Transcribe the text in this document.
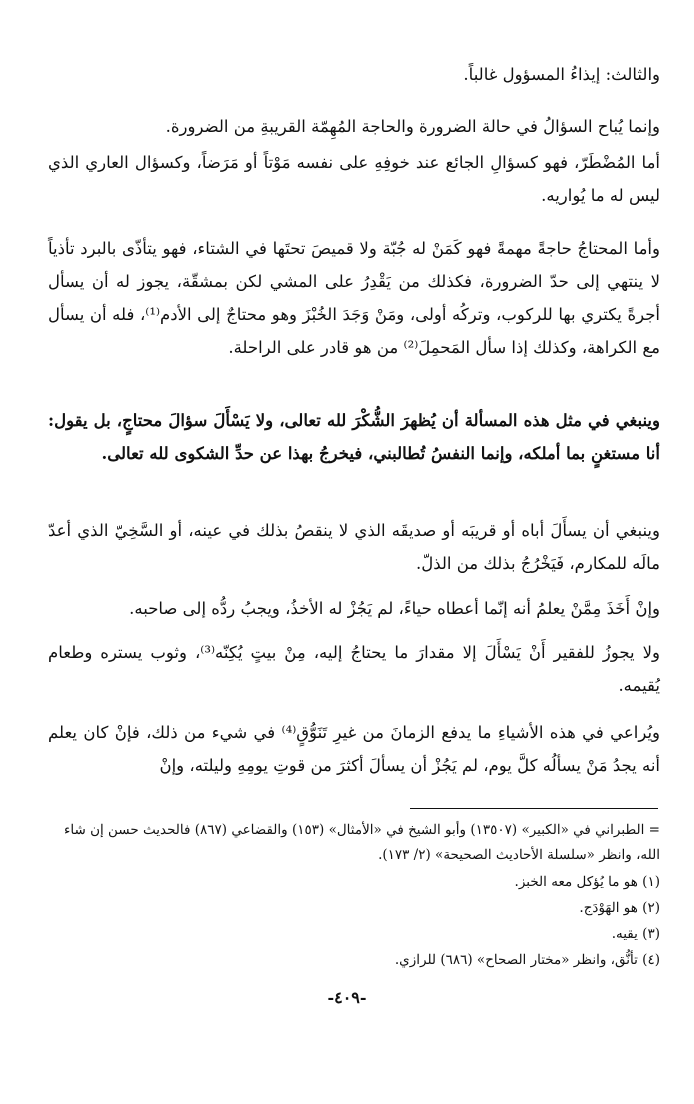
والثالث: إيذاءُ المسؤول غالباً.

وإنما يُباح السؤالُ في حالة الضرورة والحاجة المُهِمّة القريبةِ من الضرورة.

أما المُضْطَرّ، فهو كسؤالِ الجائع عند خوفِهِ على نفسه مَوْتاً أو مَرَضاً، وكسؤال العاري الذي ليس له ما يُواريه.

وأما المحتاجُ حاجةً مهمةً فهو كَمَنْ له جُبّة ولا قميصَ تحتَها في الشتاء، فهو يتأذّى بالبرد تأذياً لا ينتهي إلى حدّ الضرورة، فكذلك من يَقْدِرُ على المشي لكن بمشقّة، يجوز له أن يسأل أجرةً يكتري بها للركوب، وتركُه أولى، ومَنْ وَجَدَ الخُبْزَ وهو محتاجٌ إلى الأدم⁽¹⁾، فله أن يسأل مع الكراهة، وكذلك إذا سأل المَحمِلَ⁽²⁾ من هو قادر على الراحلة.

وينبغي في مثل هذه المسألة أن يُظهرَ الشُّكْرَ لله تعالى، ولا يَسْأَلَ سؤالَ محتاجٍ، بل يقول: أنا مستغنٍ بما أملكه، وإنما النفسُ تُطالبني، فيخرجُ بهذا عن حدِّ الشكوى لله تعالى.

وينبغي أن يسأَلَ أباه أو قريبَه أو صديقَه الذي لا ينقصُ بذلك في عينه، أو السَّخِيّ الذي أعدّ مالَه للمكارم، فَيَخْرُجُ بذلك من الذلّ.

وإنْ أَخَذَ مِمَّنْ يعلمُ أنه إنّما أعطاه حياءً، لم يَجُزْ له الأخذُ، ويجبُ ردُّه إلى صاحبه.

ولا يجوزُ للفقير أَنْ يَسْأَلَ إلا مقدارَ ما يحتاجُ إليه، مِنْ بيتٍ يُكِنّه⁽³⁾، وثوب يستره وطعام يُقيمه.

ويُراعي في هذه الأشياءِ ما يدفع الزمانَ من غيرِ تَنَوُّقٍ⁽⁴⁾ في شيء من ذلك، فإنْ كان يعلم أنه يجدُ مَنْ يسألُه كلَّ يوم، لم يَجُزْ أن يسألَ أكثرَ من قوتِ يومِهِ وليلته، وإنْ

= الطبراني في «الكبير» (١٣٥٠٧) وأبو الشيخ في «الأمثال» (١٥٣) والقضاعي (٨٦٧) فالحديث حسن إن شاء الله، وانظر «سلسلة الأحاديث الصحيحة» (٢/ ١٧٣).

(١) هو ما يُؤكل معه الخبز.

(٢) هو الهَوْدَج.

(٣) يقيه.

(٤) تأنُّق، وانظر «مختار الصحاح» (٦٨٦) للرازي.

-٤٠٩-
